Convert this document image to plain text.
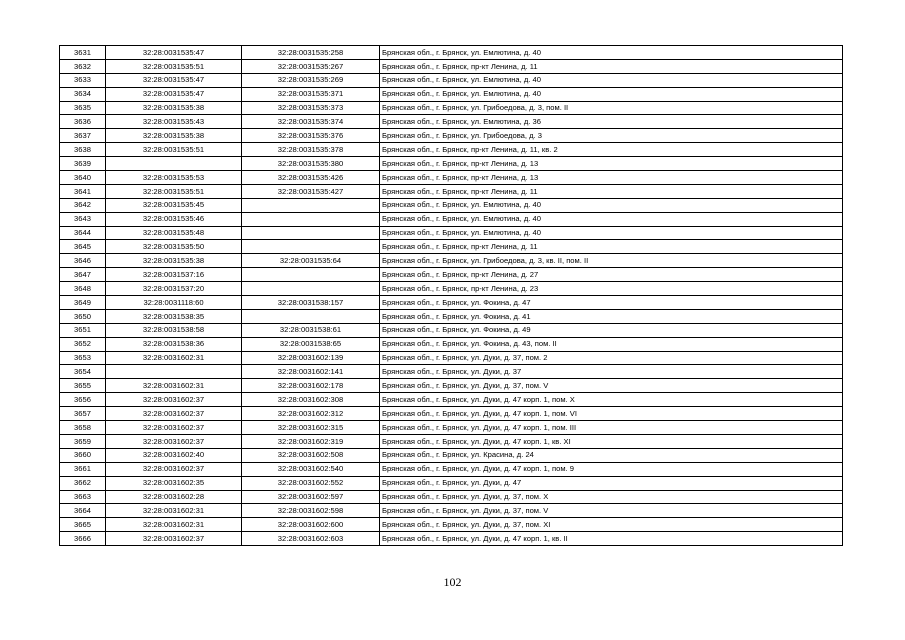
3631	32:28:0031535:47	32:28:0031535:258	Брянская обл., г. Брянск, ул. Емлютина, д. 40
3632	32:28:0031535:51	32:28:0031535:267	Брянская обл., г. Брянск, пр-кт Ленина, д. 11
3633	32:28:0031535:47	32:28:0031535:269	Брянская обл., г. Брянск, ул. Емлютина, д. 40
3634	32:28:0031535:47	32:28:0031535:371	Брянская обл., г. Брянск, ул. Емлютина, д. 40
3635	32:28:0031535:38	32:28:0031535:373	Брянская обл., г. Брянск, ул. Грибоедова, д. 3, пом. II
3636	32:28:0031535:43	32:28:0031535:374	Брянская обл., г. Брянск, ул. Емлютина, д. 36
3637	32:28:0031535:38	32:28:0031535:376	Брянская обл., г. Брянск, ул. Грибоедова, д. 3
3638	32:28:0031535:51	32:28:0031535:378	Брянская обл., г. Брянск, пр-кт Ленина, д. 11, кв. 2
3639		32:28:0031535:380	Брянская обл., г. Брянск, пр-кт Ленина, д. 13
3640	32:28:0031535:53	32:28:0031535:426	Брянская обл., г. Брянск, пр-кт Ленина, д. 13
3641	32:28:0031535:51	32:28:0031535:427	Брянская обл., г. Брянск, пр-кт Ленина, д. 11
3642	32:28:0031535:45		Брянская обл., г. Брянск, ул. Емлютина, д. 40
3643	32:28:0031535:46		Брянская обл., г. Брянск, ул. Емлютина, д. 40
3644	32:28:0031535:48		Брянская обл., г. Брянск, ул. Емлютина, д. 40
3645	32:28:0031535:50		Брянская обл., г. Брянск, пр-кт Ленина, д. 11
3646	32:28:0031535:38	32:28:0031535:64	Брянская обл., г. Брянск, ул. Грибоедова, д. 3, кв. II, пом. II
3647	32:28:0031537:16		Брянская обл., г. Брянск, пр-кт Ленина, д. 27
3648	32:28:0031537:20		Брянская обл., г. Брянск, пр-кт Ленина, д. 23
3649	32:28:0031118:60	32:28:0031538:157	Брянская обл., г. Брянск, ул. Фокина, д. 47
3650	32:28:0031538:35		Брянская обл., г. Брянск, ул. Фокина, д. 41
3651	32:28:0031538:58	32:28:0031538:61	Брянская обл., г. Брянск, ул. Фокина, д. 49
3652	32:28:0031538:36	32:28:0031538:65	Брянская обл., г. Брянск, ул. Фокина, д. 43, пом. II
3653	32:28:0031602:31	32:28:0031602:139	Брянская обл., г. Брянск, ул. Дуки, д. 37, пом. 2
3654		32:28:0031602:141	Брянская обл., г. Брянск, ул. Дуки, д. 37
3655	32:28:0031602:31	32:28:0031602:178	Брянская обл., г. Брянск, ул. Дуки, д. 37, пом. V
3656	32:28:0031602:37	32:28:0031602:308	Брянская обл., г. Брянск, ул. Дуки, д. 47 корп. 1, пом. X
3657	32:28:0031602:37	32:28:0031602:312	Брянская обл., г. Брянск, ул. Дуки, д. 47 корп. 1, пом. VI
3658	32:28:0031602:37	32:28:0031602:315	Брянская обл., г. Брянск, ул. Дуки, д. 47 корп. 1, пом. III
3659	32:28:0031602:37	32:28:0031602:319	Брянская обл., г. Брянск, ул. Дуки, д. 47 корп. 1, кв. XI
3660	32:28:0031602:40	32:28:0031602:508	Брянская обл., г. Брянск, ул. Красина, д. 24
3661	32:28:0031602:37	32:28:0031602:540	Брянская обл., г. Брянск, ул. Дуки, д. 47 корп. 1, пом. 9
3662	32:28:0031602:35	32:28:0031602:552	Брянская обл., г. Брянск, ул. Дуки, д. 47
3663	32:28:0031602:28	32:28:0031602:597	Брянская обл., г. Брянск, ул. Дуки, д. 37, пом. X
3664	32:28:0031602:31	32:28:0031602:598	Брянская обл., г. Брянск, ул. Дуки, д. 37, пом. V
3665	32:28:0031602:31	32:28:0031602:600	Брянская обл., г. Брянск, ул. Дуки, д. 37, пом. XI
3666	32:28:0031602:37	32:28:0031602:603	Брянская обл., г. Брянск, ул. Дуки, д. 47 корп. 1, кв. II
102
